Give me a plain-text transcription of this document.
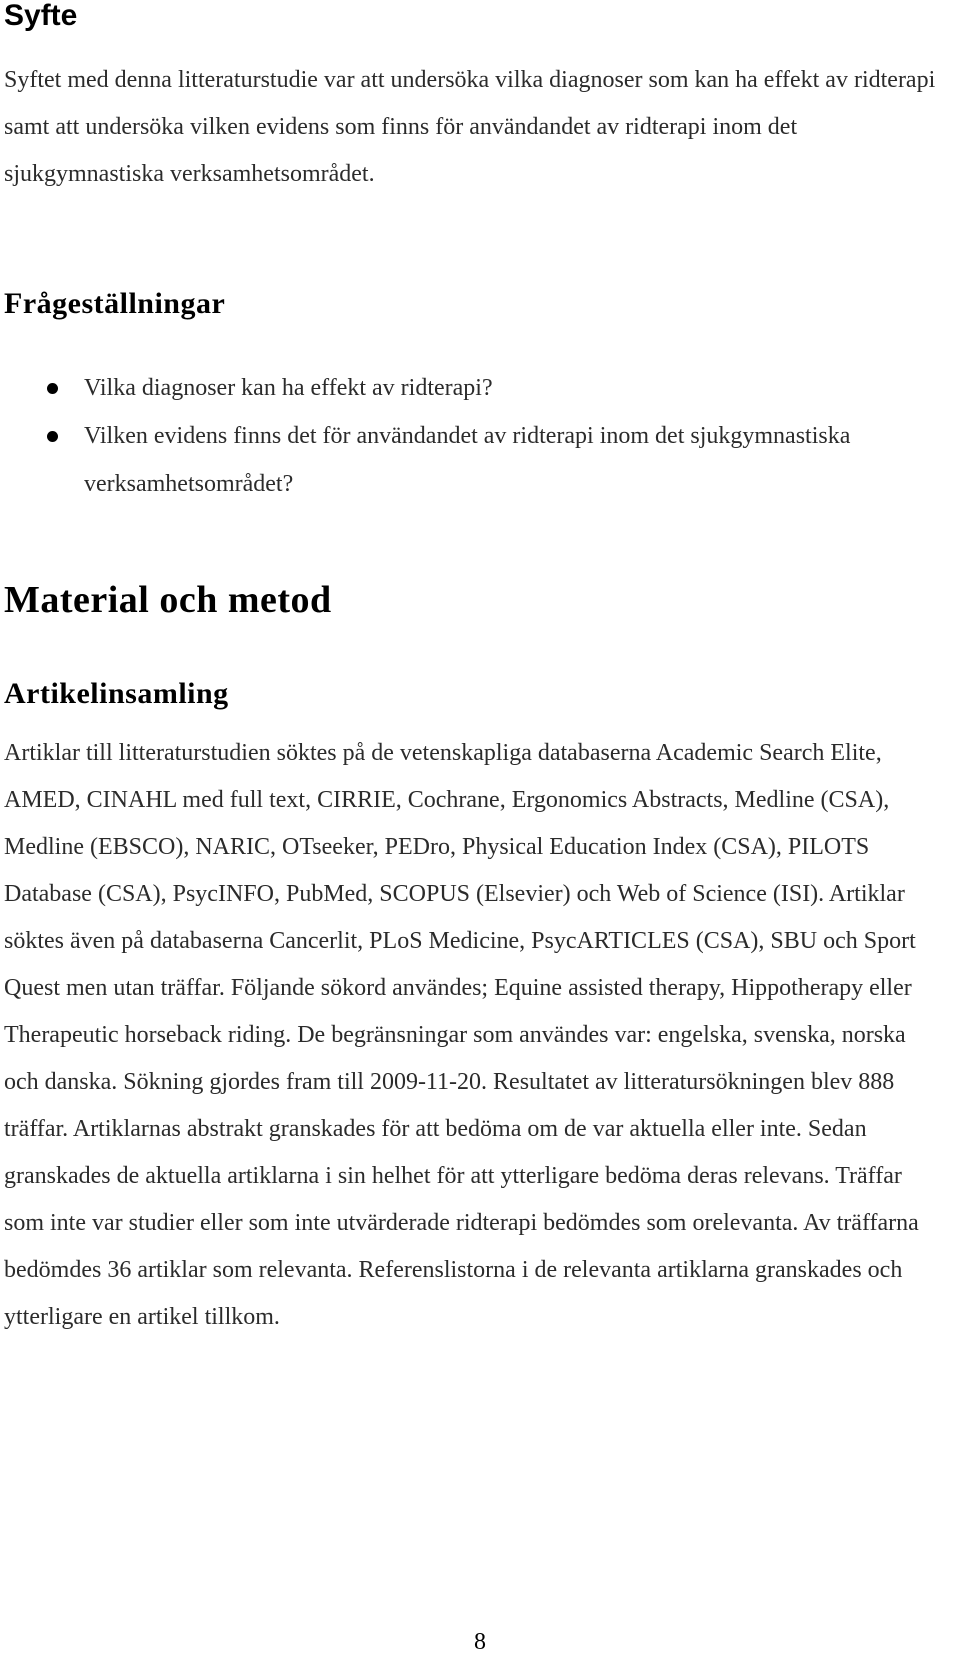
Syfte

Syftet med denna litteraturstudie var att undersöka vilka diagnoser som kan ha effekt av ridterapi samt att undersöka vilken evidens som finns för användandet av ridterapi inom det sjukgymnastiska verksamhetsområdet.

Frågeställningar
Vilka diagnoser kan ha effekt av ridterapi?
Vilken evidens finns det för användandet av ridterapi inom det sjukgymnastiska verksamhetsområdet?
Material och metod
Artikelinsamling

Artiklar till litteraturstudien söktes på de vetenskapliga databaserna Academic Search Elite, AMED, CINAHL med full text, CIRRIE, Cochrane, Ergonomics Abstracts, Medline (CSA), Medline (EBSCO), NARIC, OTseeker, PEDro, Physical Education Index (CSA), PILOTS Database (CSA), PsycINFO, PubMed, SCOPUS (Elsevier) och Web of Science (ISI). Artiklar söktes även på databaserna Cancerlit, PLoS Medicine, PsycARTICLES (CSA), SBU och Sport Quest men utan träffar. Följande sökord användes; Equine assisted therapy, Hippotherapy eller Therapeutic horseback riding. De begränsningar som användes var: engelska, svenska, norska och danska. Sökning gjordes fram till 2009-11-20. Resultatet av litteratursökningen blev 888 träffar. Artiklarnas abstrakt granskades för att bedöma om de var aktuella eller inte. Sedan granskades de aktuella artiklarna i sin helhet för att ytterligare bedöma deras relevans. Träffar som inte var studier eller som inte utvärderade ridterapi bedömdes som orelevanta. Av träffarna bedömdes 36 artiklar som relevanta. Referenslistorna i de relevanta artiklarna granskades och ytterligare en artikel tillkom.

8
